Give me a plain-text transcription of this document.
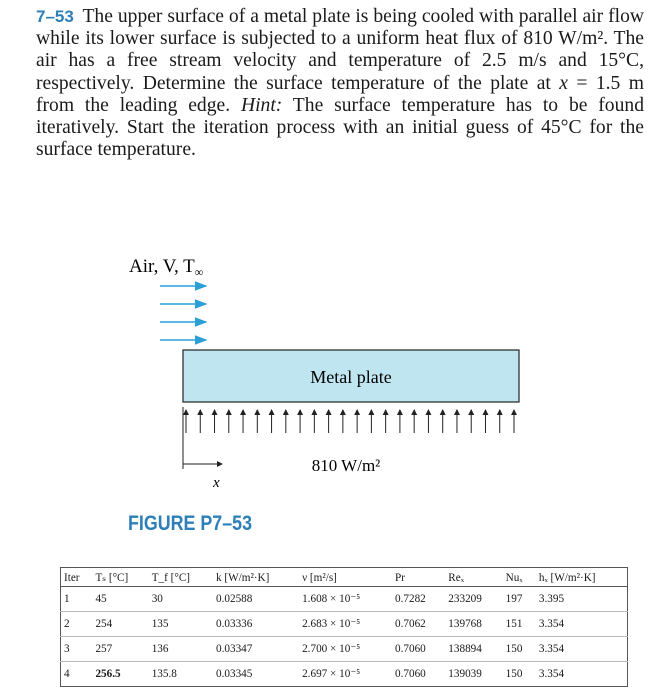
7–53 The upper surface of a metal plate is being cooled with parallel air flow while its lower surface is subjected to a uniform heat flux of 810 W/m². The air has a free stream velocity and temperature of 2.5 m/s and 15°C, respectively. Determine the surface temperature of the plate at x = 1.5 m from the leading edge. Hint: The surface temperature has to be found iteratively. Start the iteration process with an initial guess of 45°C for the surface temperature.

Air, V, $T_\infty$
Metal plate
810 W/m²
x

FIGURE P7–53

Iter	Tₛ [°C]	T_f [°C]	k [W/m²·K]	ν [m²/s]	Pr	Reₓ	Nuₓ	hₓ [W/m²·K]
1	45	30	0.02588	1.608 × 10⁻⁵	0.7282	233209	197	3.395
2	254	135	0.03336	2.683 × 10⁻⁵	0.7062	139768	151	3.354
3	257	136	0.03347	2.700 × 10⁻⁵	0.7060	138894	150	3.354
4	256.5	135.8	0.03345	2.697 × 10⁻⁵	0.7060	139039	150	3.354
